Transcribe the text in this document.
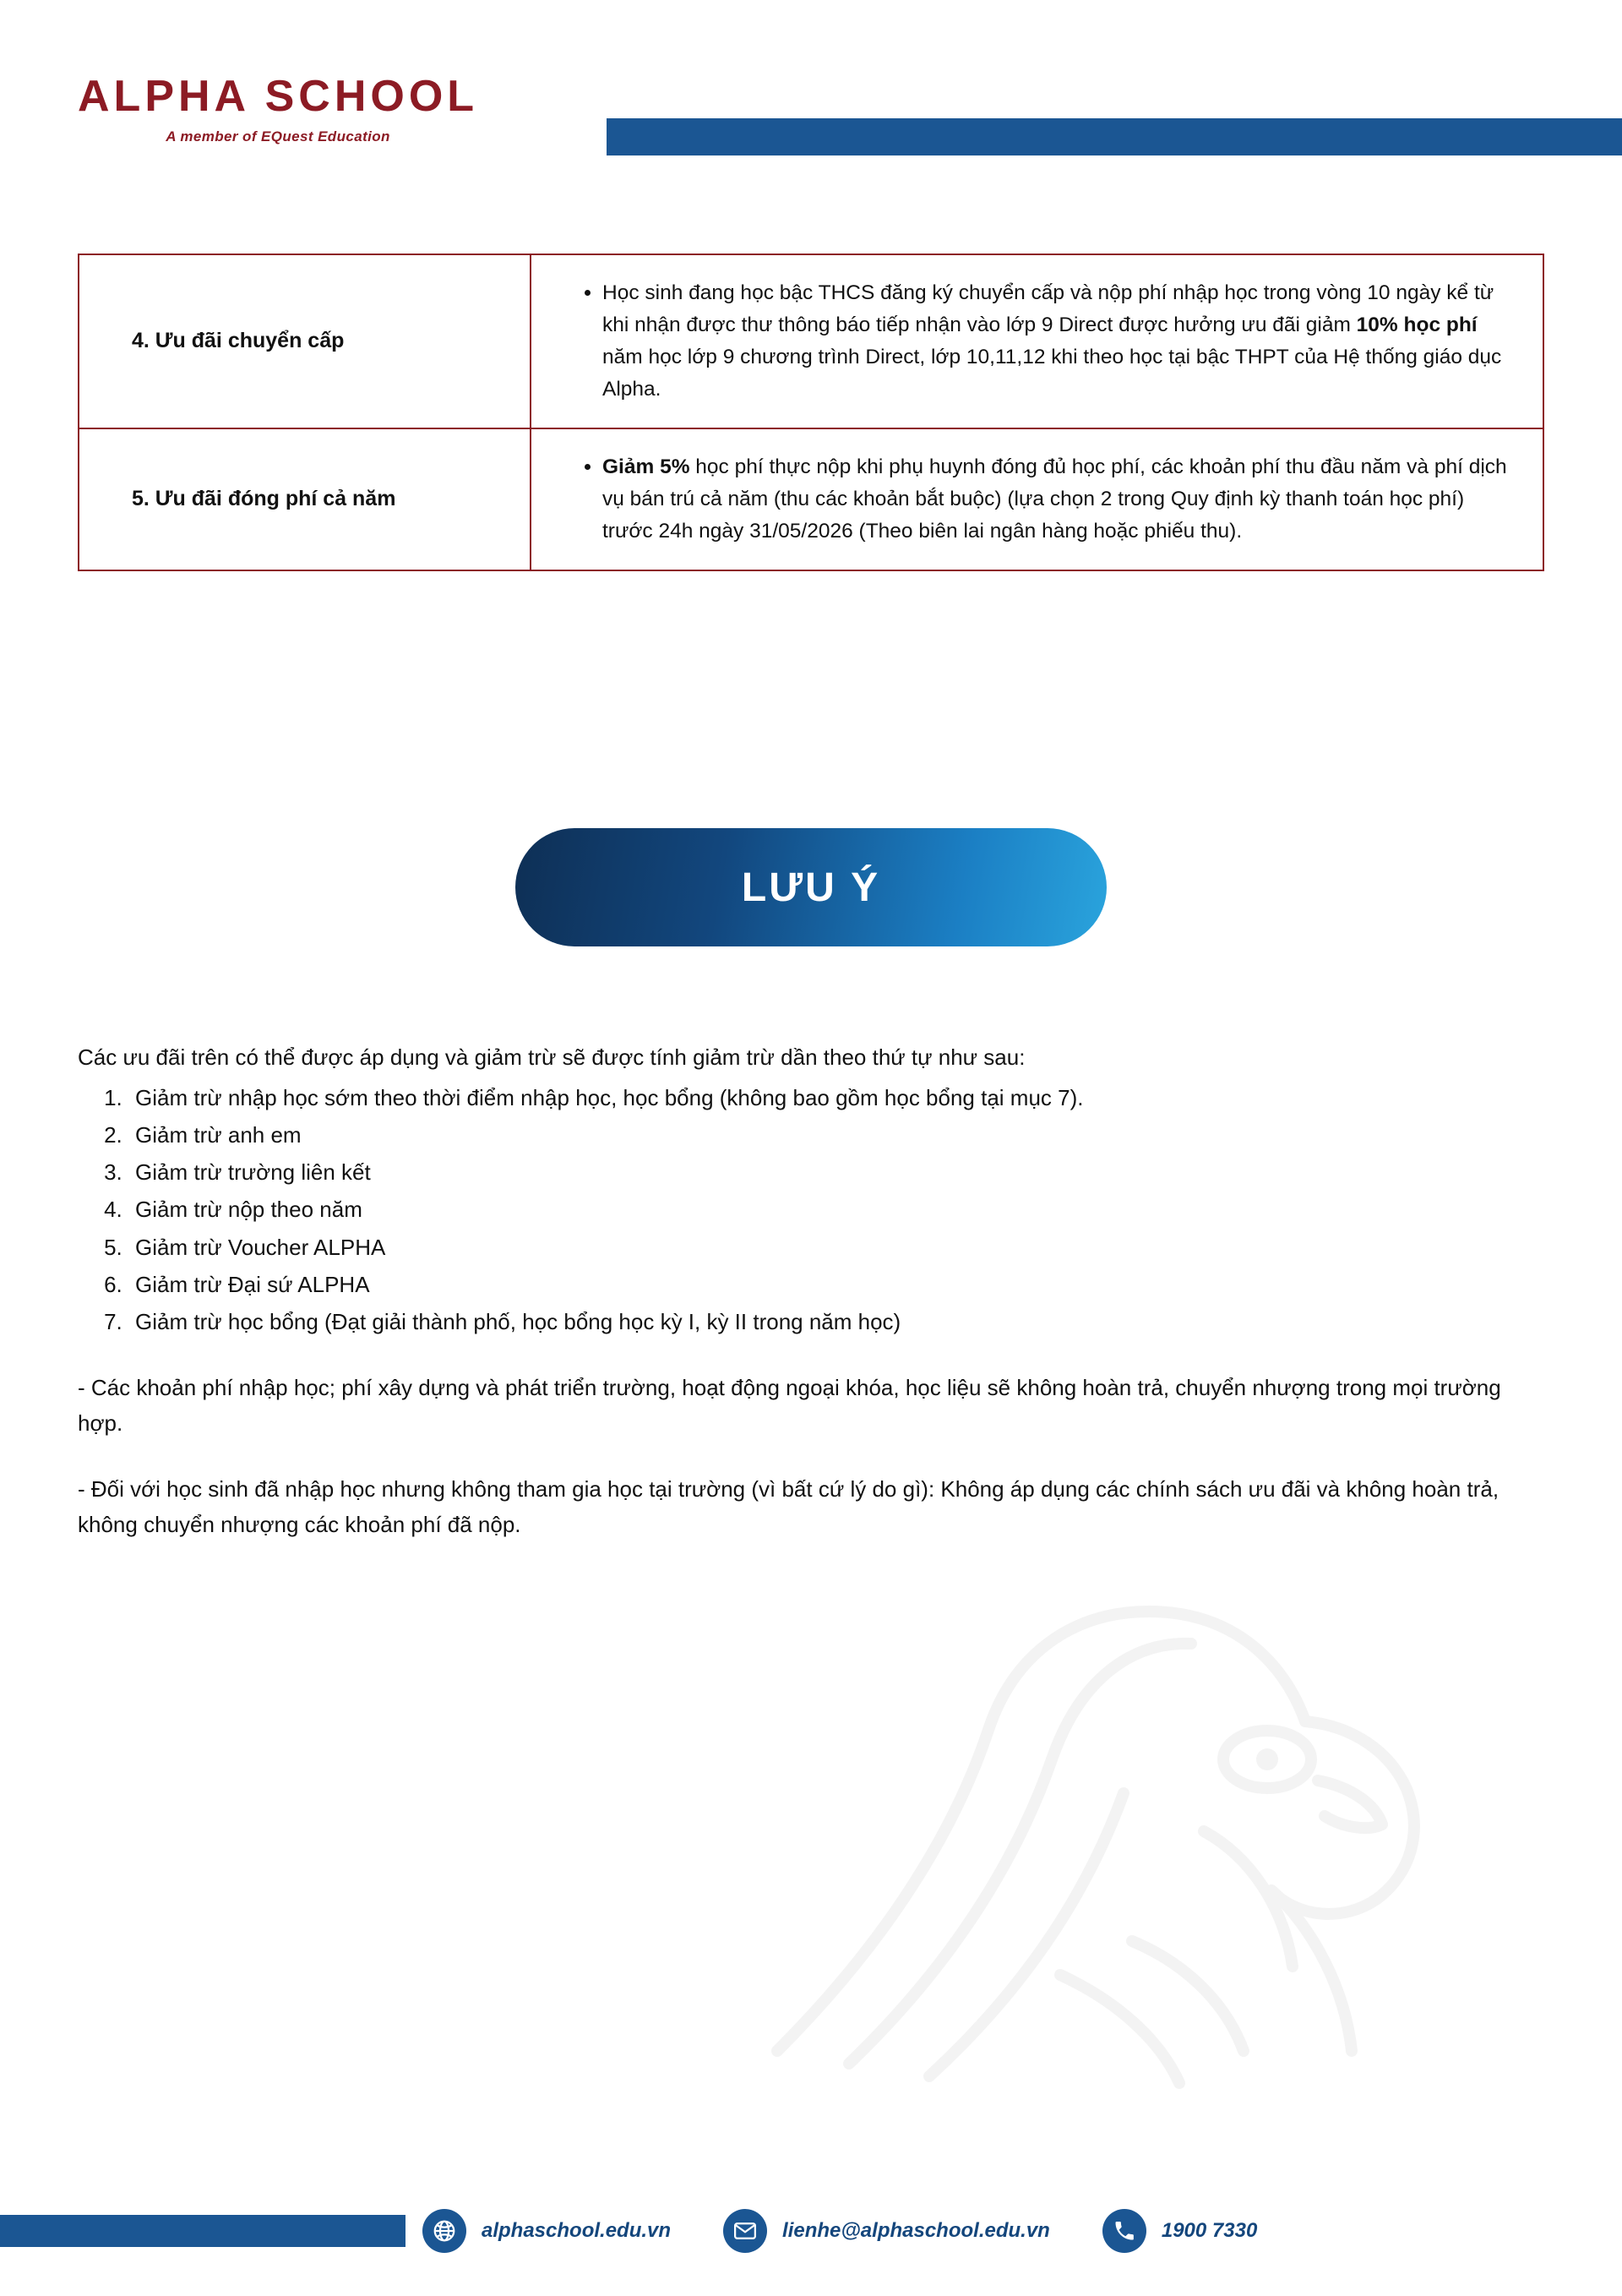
ALPHA SCHOOL
A member of EQuest Education
4. Ưu đãi chuyển cấp	
• Học sinh đang học bậc THCS đăng ký chuyển cấp và nộp phí nhập học trong vòng 10 ngày kể từ khi nhận được thư thông báo tiếp nhận vào lớp 9 Direct được hưởng ưu đãi giảm 10% học phí năm học lớp 9 chương trình Direct, lớp 10,11,12 khi theo học tại bậc THPT của Hệ thống giáo dục Alpha.

5. Ưu đãi đóng phí cả năm	
• Giảm 5% học phí thực nộp khi phụ huynh đóng đủ học phí, các khoản phí thu đầu năm và phí dịch vụ bán trú cả năm (thu các khoản bắt buộc) (lựa chọn 2 trong Quy định kỳ thanh toán học phí) trước 24h ngày 31/05/2026 (Theo biên lai ngân hàng hoặc phiếu thu).
LƯU Ý

Các ưu đãi trên có thể được áp dụng và giảm trừ sẽ được tính giảm trừ dần theo thứ tự như sau:

1. Giảm trừ nhập học sớm theo thời điểm nhập học, học bổng (không bao gồm học bổng tại mục 7).
2. Giảm trừ anh em
3. Giảm trừ trường liên kết
4. Giảm trừ nộp theo năm
5. Giảm trừ Voucher ALPHA
6. Giảm trừ Đại sứ ALPHA
7. Giảm trừ học bổng (Đạt giải thành phố, học bổng học kỳ I, kỳ II trong năm học)

- Các khoản phí nhập học; phí xây dựng và phát triển trường, hoạt động ngoại khóa, học liệu sẽ không hoàn trả, chuyển nhượng trong mọi trường hợp.

- Đối với học sinh đã nhập học nhưng không tham gia học tại trường (vì bất cứ lý do gì): Không áp dụng các chính sách ưu đãi và không hoàn trả, không chuyển nhượng các khoản phí đã nộp.

alphaschool.edu.vn	lienhe@alphaschool.edu.vn	1900 7330
